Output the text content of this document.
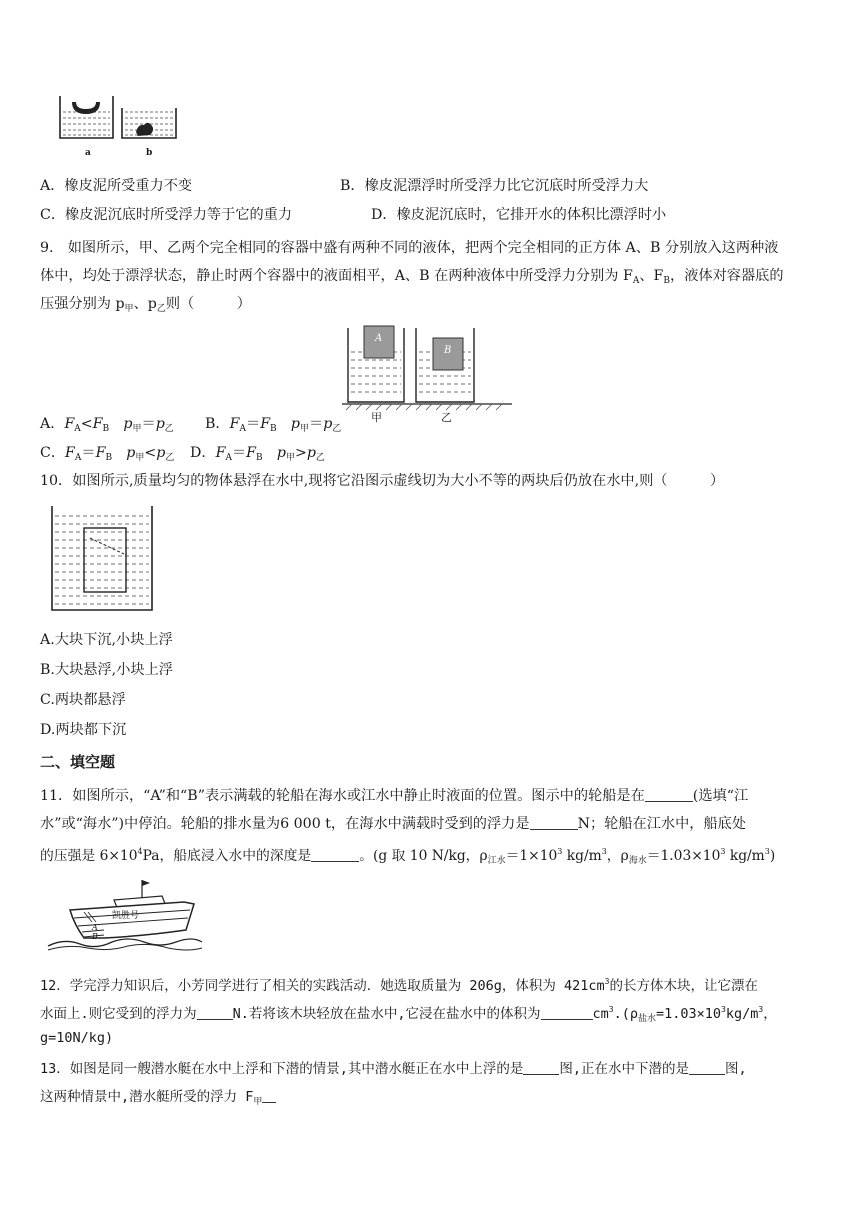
a	b
A．橡皮泥所受重力不变	B．橡皮泥漂浮时所受浮力比它沉底时所受浮力大
C．橡皮泥沉底时所受浮力等于它的重力	D．橡皮泥沉底时，它排开水的体积比漂浮时小
9.　如图所示，甲、乙两个完全相同的容器中盛有两种不同的液体，把两个完全相同的正方体 A、B 分别放入这两种液
体中，均处于漂浮状态，静止时两个容器中的液面相平，A、B 在两种液体中所受浮力分别为 $F_A$、$F_B$，液体对容器底的
压强分别为 $p_甲$、$p_乙$则（　　　）
A
B
甲	乙
A．$F_A<F_B$　 $p_甲=p_乙$ B．$F_A=F_B$　 $p_甲=p_乙$
C．$F_A=F_B$　 $p_甲<p_乙$ D．$F_A=F_B$　 $p_甲>p_乙$
10．如图所示,质量均匀的物体悬浮在水中,现将它沿图示虚线切为大小不等的两块后仍放在水中,则（　　　）
A.大块下沉,小块上浮
B.大块悬浮,小块上浮
C.两块都悬浮
D.两块都下沉
二、填空题
11．如图所示，“A”和“B”表示满载的轮船在海水或江水中静止时液面的位置。图示中的轮船是在	(选填“江
水”或“海水”)中停泊。轮船的排水量为6 000 t，在海水中满载时受到的浮力是	N；轮船在江水中，船底处
的压强是 $6\times 10^4Pa$，船底浸入水中的深度是	。(g 取 10 N/kg，$\rho_{江水}=1\times 10^3$ $kg/m^3$，$\rho_{海水}=1.03\times 10^3$ $kg/m^3$)
凯胜号
A
B
12．学完浮力知识后，小芳同学进行了相关的实践活动．她选取质量为 206g，体积为 $421cm^3$的长方体木块，让它漂在
水面上.则它受到的浮力为	N.若将该木块轻放在盐水中,它浸在盐水中的体积为	$cm^3.(\rho_{盐水}=1.03\times 10^3kg/m^3$，
g=10N/kg)
13．如图是同一艘潜水艇在水中上浮和下潜的情景,其中潜水艇正在水中上浮的是	图,正在水中下潜的是	图,
这两种情景中,潜水艇所受的浮力 $F_甲$
